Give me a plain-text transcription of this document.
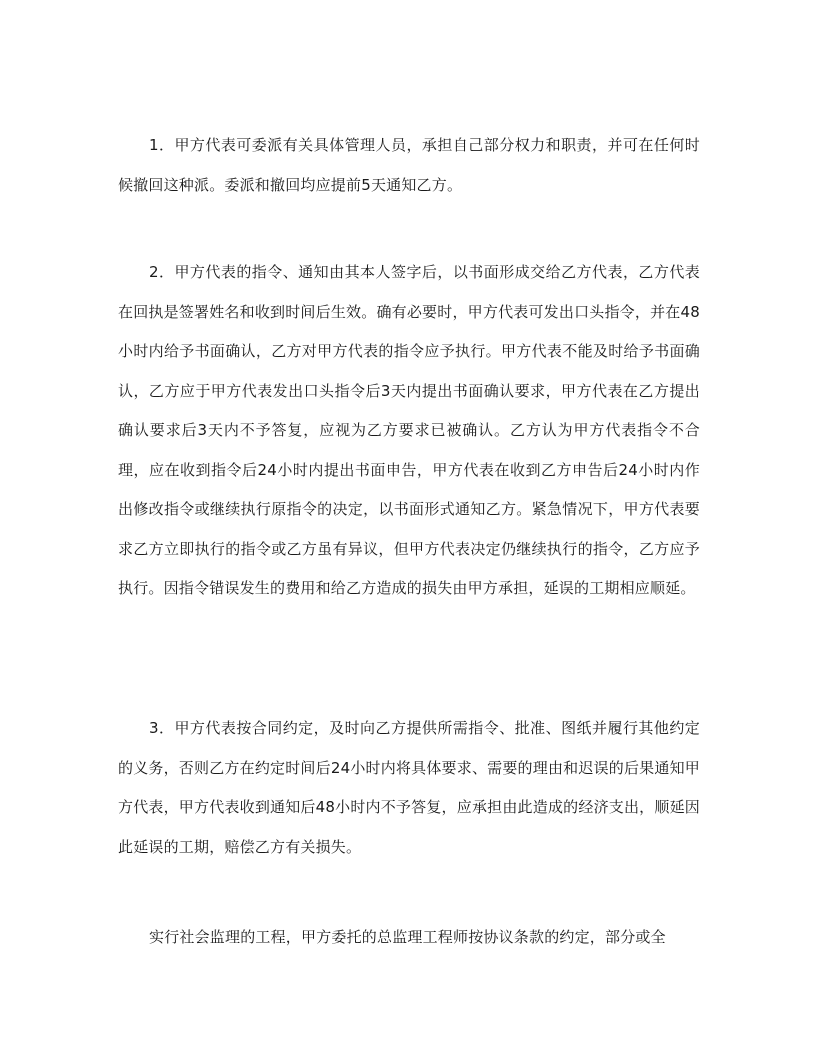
1．甲方代表可委派有关具体管理人员，承担自己部分权力和职责，并可在任何时候撤回这种派。委派和撤回均应提前5天通知乙方。

2．甲方代表的指令、通知由其本人签字后，以书面形成交给乙方代表，乙方代表在回执是签署姓名和收到时间后生效。确有必要时，甲方代表可发出口头指令，并在48小时内给予书面确认，乙方对甲方代表的指令应予执行。甲方代表不能及时给予书面确认，乙方应于甲方代表发出口头指令后3天内提出书面确认要求，甲方代表在乙方提出确认要求后3天内不予答复，应视为乙方要求已被确认。乙方认为甲方代表指令不合理，应在收到指令后24小时内提出书面申告，甲方代表在收到乙方申告后24小时内作出修改指令或继续执行原指令的决定，以书面形式通知乙方。紧急情况下，甲方代表要求乙方立即执行的指令或乙方虽有异议，但甲方代表决定仍继续执行的指令，乙方应予执行。因指令错误发生的费用和给乙方造成的损失由甲方承担，延误的工期相应顺延。

3．甲方代表按合同约定，及时向乙方提供所需指令、批准、图纸并履行其他约定的义务，否则乙方在约定时间后24小时内将具体要求、需要的理由和迟误的后果通知甲方代表，甲方代表收到通知后48小时内不予答复，应承担由此造成的经济支出，顺延因此延误的工期，赔偿乙方有关损失。

实行社会监理的工程，甲方委托的总监理工程师按协议条款的约定，部分或全
